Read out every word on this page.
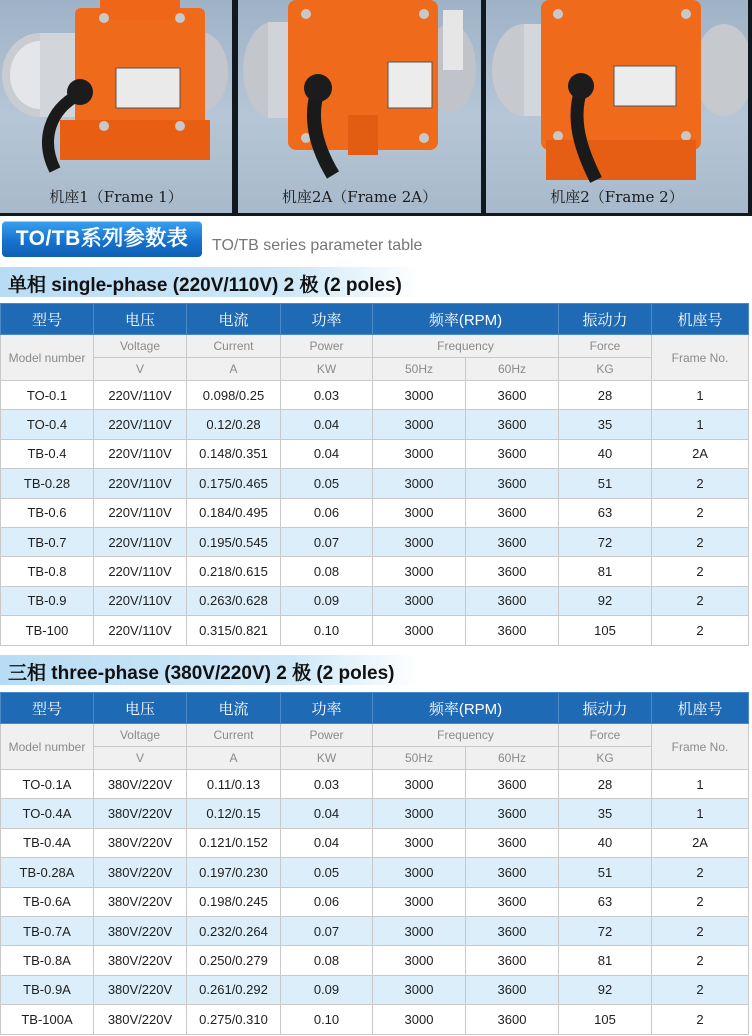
机座1（Frame 1）	机座2A（Frame 2A）	机座2（Frame 2）
TO/TB系列参数表	TO/TB series parameter table
单相 single-phase (220V/110V) 2 极 (2 poles)
型号	电压	电流	功率	频率(RPM)		振动力	机座号
Model number	Voltage	Current	Power	Frequency		Force	Frame No.
	V	A	KW	50Hz	60Hz	KG	
TO-0.1	220V/110V	0.098/0.25	0.03	3000	3600	28	1
TO-0.4	220V/110V	0.12/0.28	0.04	3000	3600	35	1
TB-0.4	220V/110V	0.148/0.351	0.04	3000	3600	40	2A
TB-0.28	220V/110V	0.175/0.465	0.05	3000	3600	51	2
TB-0.6	220V/110V	0.184/0.495	0.06	3000	3600	63	2
TB-0.7	220V/110V	0.195/0.545	0.07	3000	3600	72	2
TB-0.8	220V/110V	0.218/0.615	0.08	3000	3600	81	2
TB-0.9	220V/110V	0.263/0.628	0.09	3000	3600	92	2
TB-100	220V/110V	0.315/0.821	0.10	3000	3600	105	2
三相 three-phase (380V/220V) 2 极 (2 poles)
型号	电压	电流	功率	频率(RPM)		振动力	机座号
Model number	Voltage	Current	Power	Frequency		Force	Frame No.
	V	A	KW	50Hz	60Hz	KG	
TO-0.1A	380V/220V	0.11/0.13	0.03	3000	3600	28	1
TO-0.4A	380V/220V	0.12/0.15	0.04	3000	3600	35	1
TB-0.4A	380V/220V	0.121/0.152	0.04	3000	3600	40	2A
TB-0.28A	380V/220V	0.197/0.230	0.05	3000	3600	51	2
TB-0.6A	380V/220V	0.198/0.245	0.06	3000	3600	63	2
TB-0.7A	380V/220V	0.232/0.264	0.07	3000	3600	72	2
TB-0.8A	380V/220V	0.250/0.279	0.08	3000	3600	81	2
TB-0.9A	380V/220V	0.261/0.292	0.09	3000	3600	92	2
TB-100A	380V/220V	0.275/0.310	0.10	3000	3600	105	2
